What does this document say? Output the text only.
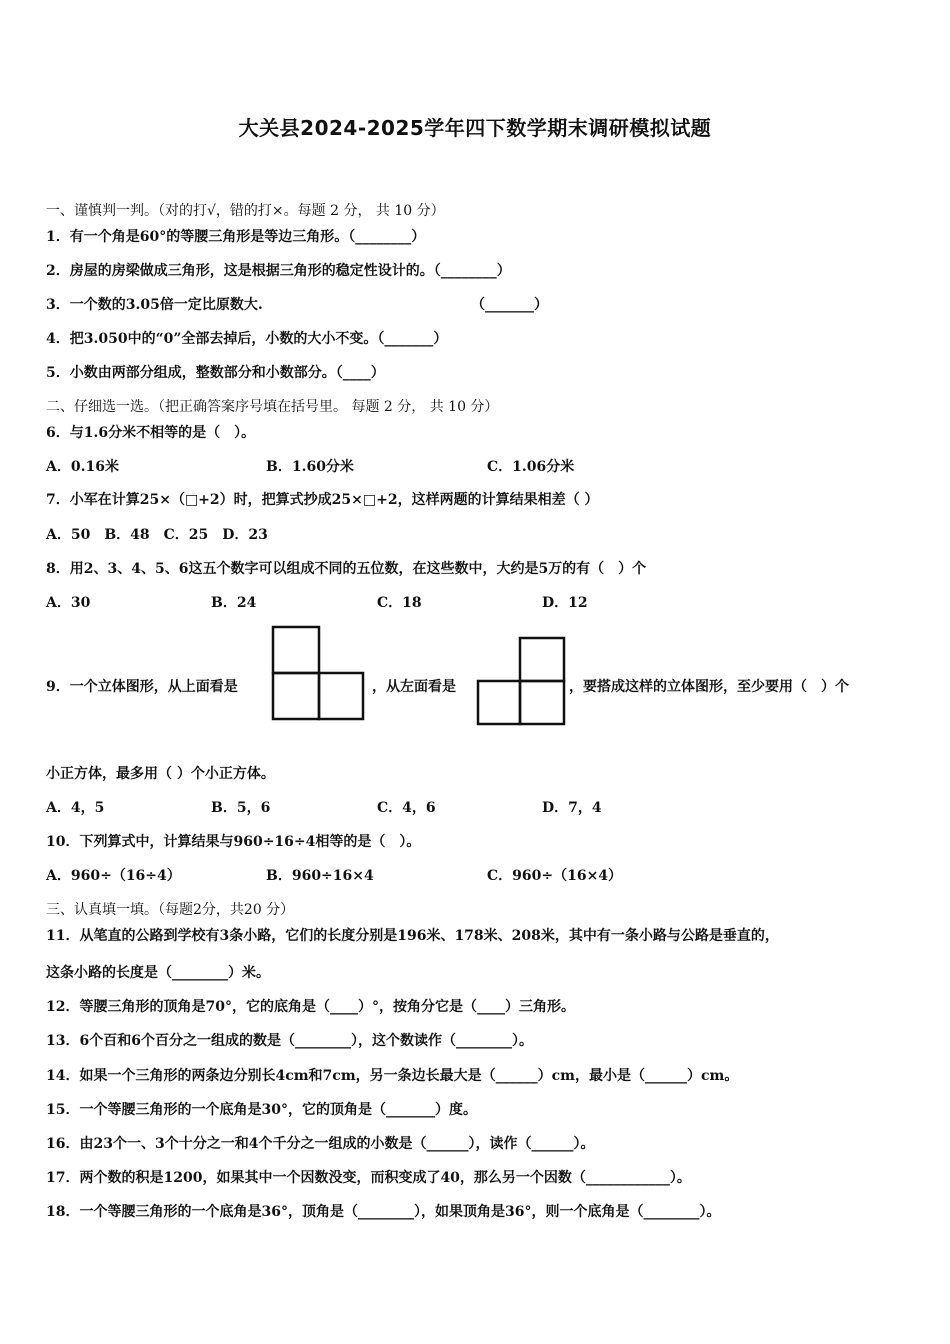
大关县2024-2025学年四下数学期末调研模拟试题
一、谨慎判一判。（对的打√，错的打×。每题 2 分， 共 10 分）
1．有一个角是60°的等腰三角形是等边三角形。（________）
2．房屋的房梁做成三角形，这是根据三角形的稳定性设计的。（________）
3．一个数的3.05倍一定比原数大.	（_______）
4．把3.050中的“0”全部去掉后，小数的大小不变。（_______）
5．小数由两部分组成，整数部分和小数部分。（____）
二、仔细选一选。（把正确答案序号填在括号里。 每题 2 分， 共 10 分）
6．与1.6分米不相等的是（　）。
A．0.16米	B．1.60分米	C．1.06分米
7．小军在计算25×（□+2）时，把算式抄成25×□+2，这样两题的计算结果相差（ ）
A．50　B．48　C．25　D．23
8．用2、3、4、5、6这五个数字可以组成不同的五位数，在这些数中，大约是5万的有（　）个
A．30	B．24	C．18	D．12
9．一个立体图形，从上面看是	，从左面看是	，要搭成这样的立体图形，至少要用（　）个
小正方体，最多用（ ）个小正方体。
A．4，5	B．5，6	C．4，6	D．7，4
10．下列算式中，计算结果与960÷16÷4相等的是（　）。
A．960÷（16÷4）	B．960÷16×4	C．960÷（16×4）
三、认真填一填。（每题2分，共20 分）
11．从笔直的公路到学校有3条小路，它们的长度分别是196米、178米、208米，其中有一条小路与公路是垂直的，
这条小路的长度是（________）米。
12．等腰三角形的顶角是70°，它的底角是（____）°，按角分它是（____）三角形。
13．6个百和6个百分之一组成的数是（________），这个数读作（________）。
14．如果一个三角形的两条边分别长4cm和7cm，另一条边长最大是（______）cm，最小是（______）cm。
15．一个等腰三角形的一个底角是30°，它的顶角是（_______）度。
16．由23个一、3个十分之一和4个千分之一组成的小数是（______），读作（______）。
17．两个数的积是1200，如果其中一个因数没变，而积变成了40，那么另一个因数（____________）。
18．一个等腰三角形的一个底角是36°，顶角是（________），如果顶角是36°，则一个底角是（________）。
